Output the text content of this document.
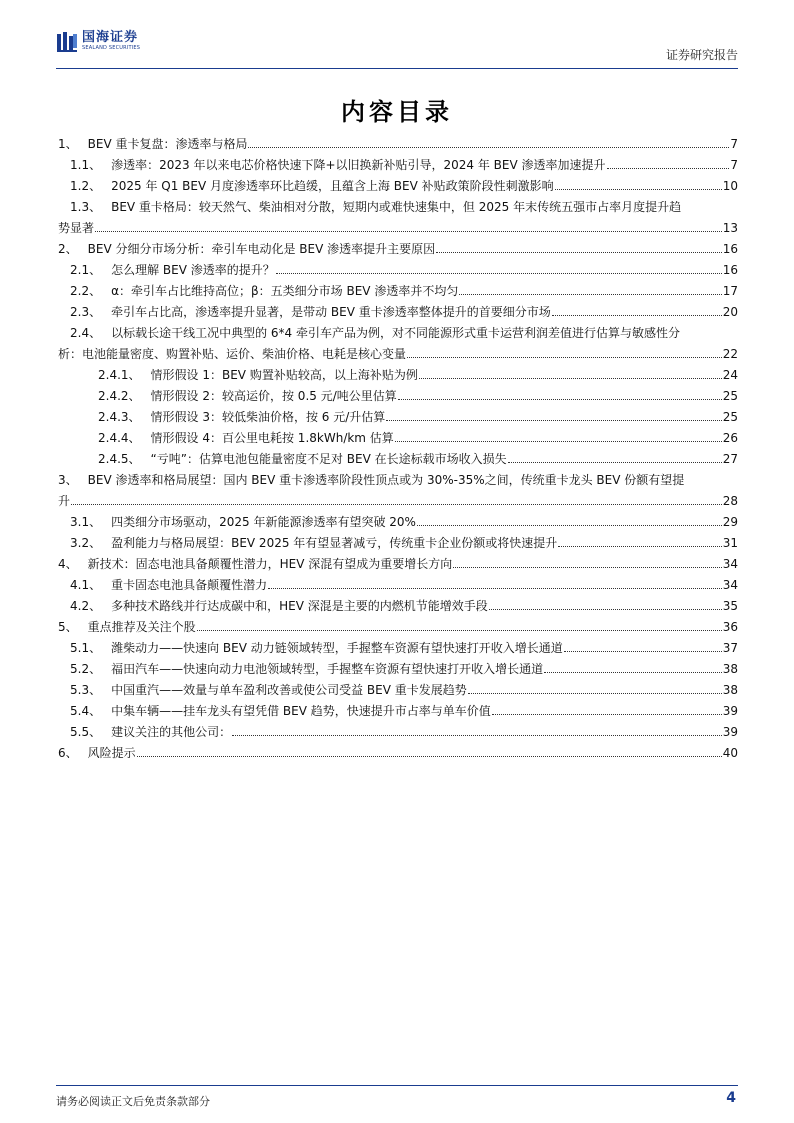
国海证券
SEALAND SECURITIES	证券研究报告
内容目录
1、 BEV 重卡复盘：渗透率与格局	7
1.1、 渗透率：2023 年以来电芯价格快速下降+以旧换新补贴引导，2024 年 BEV 渗透率加速提升	7
1.2、 2025 年 Q1 BEV 月度渗透率环比趋缓，且蕴含上海 BEV 补贴政策阶段性刺激影响	10
1.3、 BEV 重卡格局：较天然气、柴油相对分散，短期内或难快速集中，但 2025 年末传统五强市占率月度提升趋
势显著	13
2、 BEV 分细分市场分析：牵引车电动化是 BEV 渗透率提升主要原因	16
2.1、 怎么理解 BEV 渗透率的提升？	16
2.2、 α：牵引车占比维持高位；β：五类细分市场 BEV 渗透率并不均匀	17
2.3、 牵引车占比高，渗透率提升显著，是带动 BEV 重卡渗透率整体提升的首要细分市场	20
2.4、 以标载长途干线工况中典型的 6*4 牵引车产品为例，对不同能源形式重卡运营利润差值进行估算与敏感性分
析：电池能量密度、购置补贴、运价、柴油价格、电耗是核心变量	22
2.4.1、 情形假设 1：BEV 购置补贴较高，以上海补贴为例	24
2.4.2、 情形假设 2：较高运价，按 0.5 元/吨公里估算	25
2.4.3、 情形假设 3：较低柴油价格，按 6 元/升估算	25
2.4.4、 情形假设 4：百公里电耗按 1.8kWh/km 估算	26
2.4.5、 “亏吨”：估算电池包能量密度不足对 BEV 在长途标载市场收入损失	27
3、 BEV 渗透率和格局展望：国内 BEV 重卡渗透率阶段性顶点或为 30%-35%之间，传统重卡龙头 BEV 份额有望提
升	28
3.1、 四类细分市场驱动，2025 年新能源渗透率有望突破 20%	29
3.2、 盈利能力与格局展望：BEV 2025 年有望显著减亏，传统重卡企业份额或将快速提升	31
4、 新技术：固态电池具备颠覆性潜力，HEV 深混有望成为重要增长方向	34
4.1、 重卡固态电池具备颠覆性潜力	34
4.2、 多种技术路线并行达成碳中和，HEV 深混是主要的内燃机节能增效手段	35
5、 重点推荐及关注个股	36
5.1、 潍柴动力——快速向 BEV 动力链领域转型，手握整车资源有望快速打开收入增长通道	37
5.2、 福田汽车——快速向动力电池领域转型，手握整车资源有望快速打开收入增长通道	38
5.3、 中国重汽——效量与单车盈利改善或使公司受益 BEV 重卡发展趋势	38
5.4、 中集车辆——挂车龙头有望凭借 BEV 趋势，快速提升市占率与单车价值	39
5.5、 建议关注的其他公司：	39
6、 风险提示	40
请务必阅读正文后免责条款部分	4
